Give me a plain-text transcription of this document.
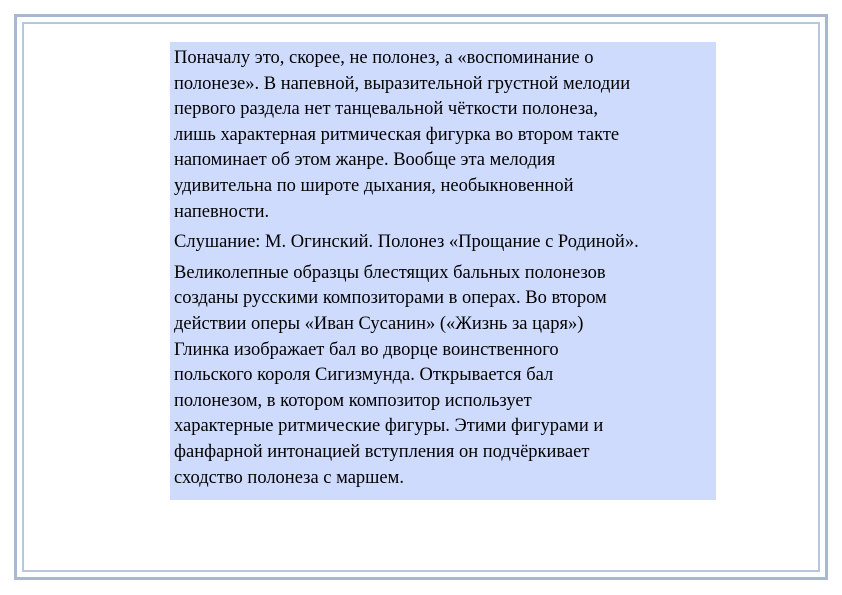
Поначалу это, скорее, не полонез, а «воспоминание о
полонезе». В напевной, выразительной грустной мелодии
первого раздела нет танцевальной чёткости полонеза,
лишь характерная ритмическая фигурка во втором такте
напоминает об этом жанре. Вообще эта мелодия
удивительна по широте дыхания, необыкновенной
напевности.

Слушание: М. Огинский. Полонез «Прощание с Родиной».

Великолепные образцы блестящих бальных полонезов
созданы русскими композиторами в операх. Во втором
действии оперы «Иван Сусанин» («Жизнь за царя»)
Глинка изображает бал во дворце воинственного
польского короля Сигизмунда. Открывается бал
полонезом, в котором композитор использует
характерные ритмические фигуры. Этими фигурами и
фанфарной интонацией вступления он подчёркивает
сходство полонеза с маршем.
